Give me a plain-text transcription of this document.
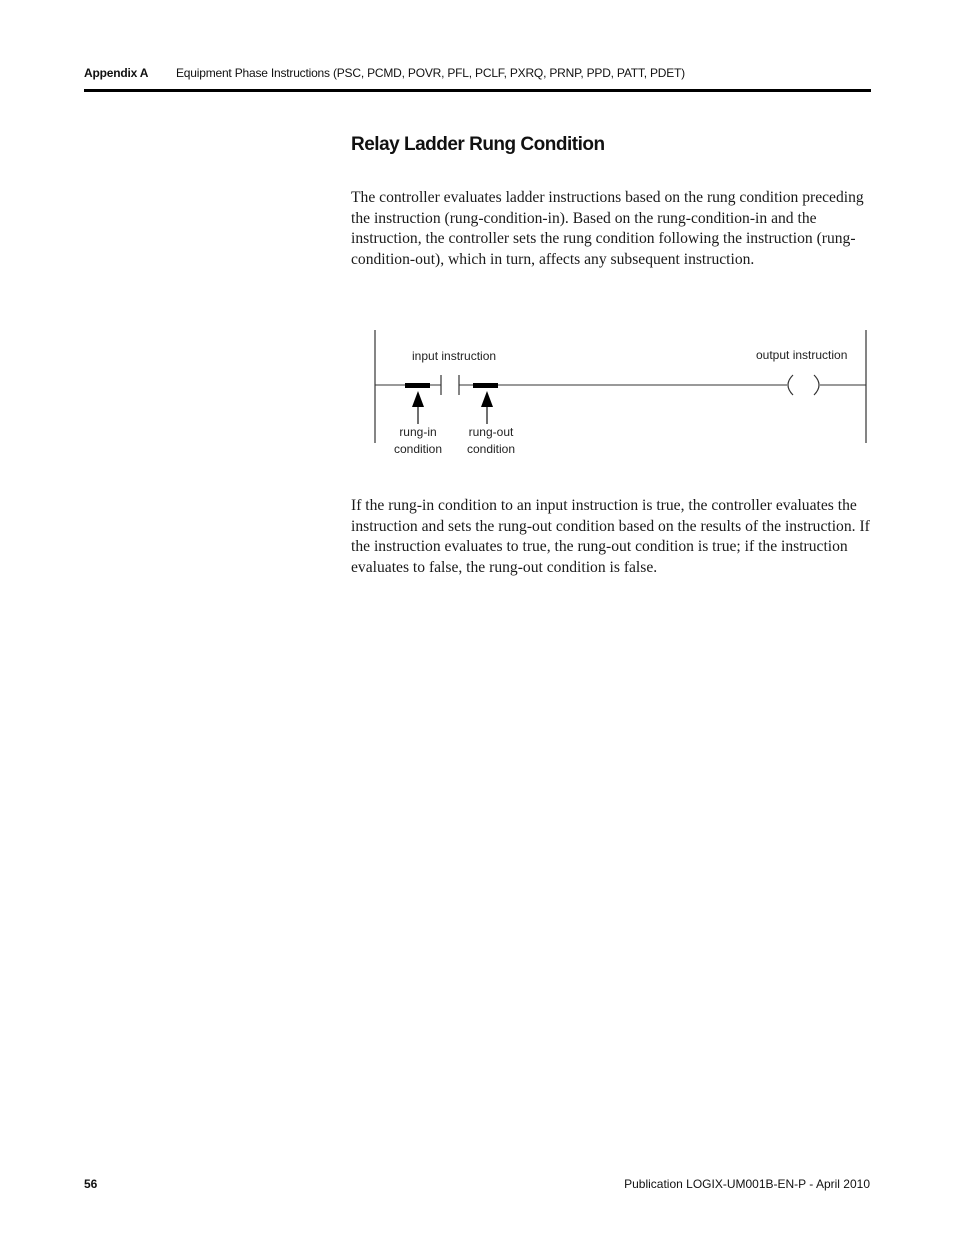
Appendix A Equipment Phase Instructions (PSC, PCMD, POVR, PFL, PCLF, PXRQ, PRNP, PPD, PATT, PDET)
Relay Ladder Rung Condition

The controller evaluates ladder instructions based on the rung condition preceding the instruction (rung-condition-in). Based on the rung-condition-in and the instruction, the controller sets the rung condition following the instruction (rung-condition-out), which in turn, affects any subsequent instruction.

input instruction	output instruction
rung-in
condition
rung-out
condition

If the rung-in condition to an input instruction is true, the controller evaluates the instruction and sets the rung-out condition based on the results of the instruction. If the instruction evaluates to true, the rung-out condition is true; if the instruction evaluates to false, the rung-out condition is false.

56	Publication LOGIX-UM001B-EN-P - April 2010
